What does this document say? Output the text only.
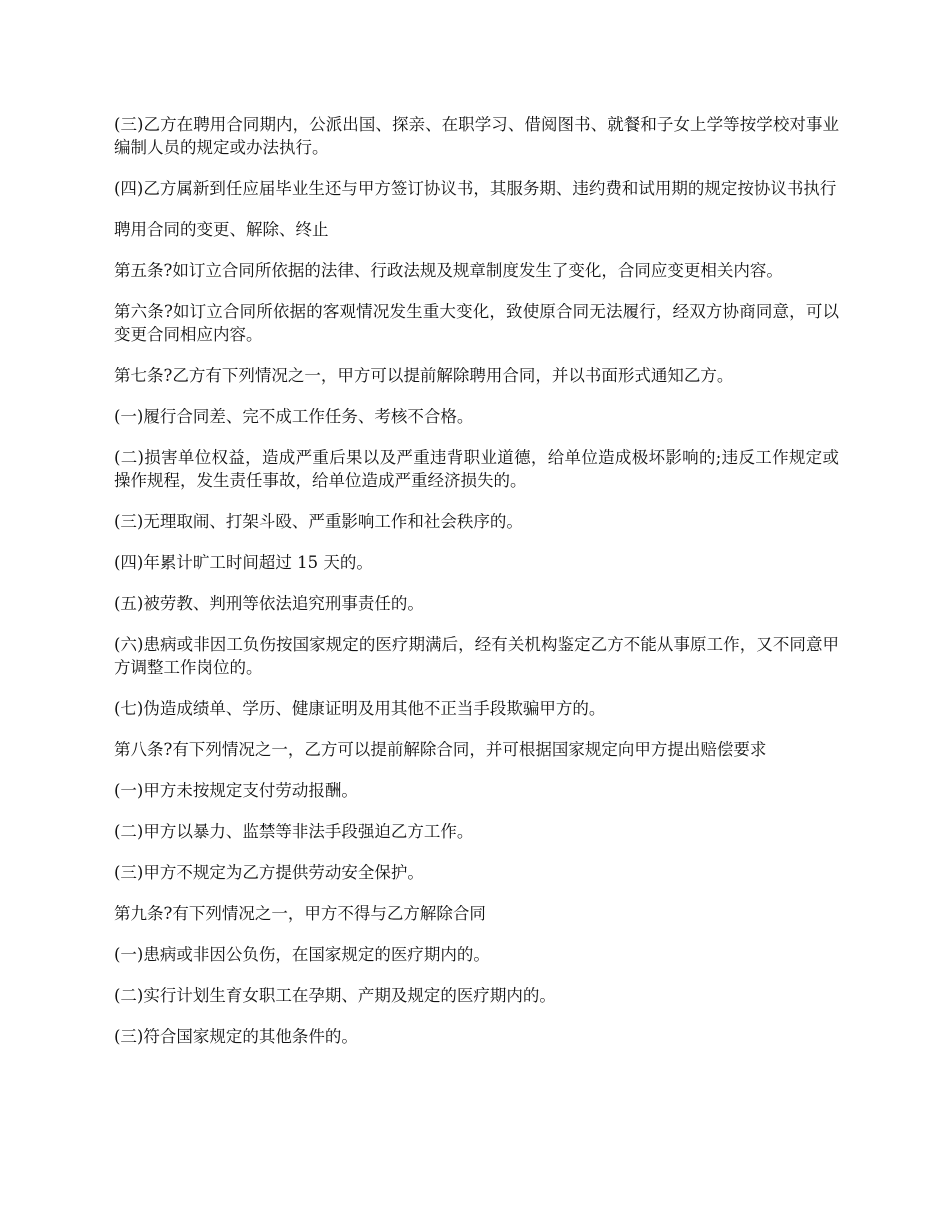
(三)乙方在聘用合同期内，公派出国、探亲、在职学习、借阅图书、就餐和子女上学等按学校对事业编制人员的规定或办法执行。

(四)乙方属新到任应届毕业生还与甲方签订协议书，其服务期、违约费和试用期的规定按协议书执行

聘用合同的变更、解除、终止

第五条?如订立合同所依据的法律、行政法规及规章制度发生了变化，合同应变更相关内容。

第六条?如订立合同所依据的客观情况发生重大变化，致使原合同无法履行，经双方协商同意，可以变更合同相应内容。

第七条?乙方有下列情况之一，甲方可以提前解除聘用合同，并以书面形式通知乙方。

(一)履行合同差、完不成工作任务、考核不合格。

(二)损害单位权益，造成严重后果以及严重违背职业道德，给单位造成极坏影响的;违反工作规定或操作规程，发生责任事故，给单位造成严重经济损失的。

(三)无理取闹、打架斗殴、严重影响工作和社会秩序的。

(四)年累计旷工时间超过 15 天的。

(五)被劳教、判刑等依法追究刑事责任的。

(六)患病或非因工负伤按国家规定的医疗期满后，经有关机构鉴定乙方不能从事原工作，又不同意甲方调整工作岗位的。

(七)伪造成绩单、学历、健康证明及用其他不正当手段欺骗甲方的。

第八条?有下列情况之一，乙方可以提前解除合同，并可根据国家规定向甲方提出赔偿要求

(一)甲方未按规定支付劳动报酬。

(二)甲方以暴力、监禁等非法手段强迫乙方工作。

(三)甲方不规定为乙方提供劳动安全保护。

第九条?有下列情况之一，甲方不得与乙方解除合同

(一)患病或非因公负伤，在国家规定的医疗期内的。

(二)实行计划生育女职工在孕期、产期及规定的医疗期内的。

(三)符合国家规定的其他条件的。
